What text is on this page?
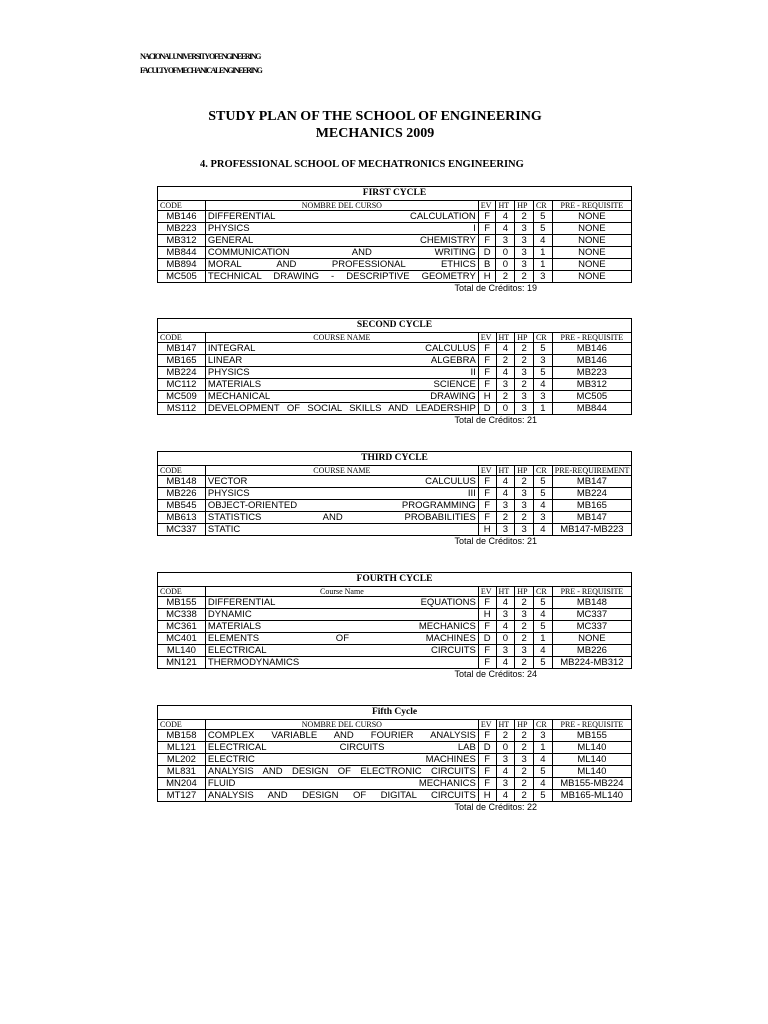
NACIONAL UNIVERSITY OF ENGINEERING
FACULTY OF MECHANICAL ENGINEERING
STUDY PLAN OF THE SCHOOL OF ENGINEERING
MECHANICS 2009
4. PROFESSIONAL SCHOOL OF MECHATRONICS ENGINEERING
FIRST CYCLE						
CODE	NOMBRE DEL CURSO	EV	HT	HP	CR	PRE - REQUISITE
MB146	DIFFERENTIAL CALCULATION	F	4	2	5	NONE
MB223	PHYSICS I	F	4	3	5	NONE
MB312	GENERAL CHEMISTRY	F	3	3	4	NONE
MB844	COMMUNICATION AND WRITING	D	0	3	1	NONE
MB894	MORAL AND PROFESSIONAL ETHICS	B	0	3	1	NONE
MC505	TECHNICAL DRAWING - DESCRIPTIVE GEOMETRY	H	2	2	3	NONE
Total de Créditos: 19
SECOND CYCLE						
CODE	COURSE NAME	EV	HT	HP	CR	PRE - REQUISITE
MB147	INTEGRAL CALCULUS	F	4	2	5	MB146
MB165	LINEAR ALGEBRA	F	2	2	3	MB146
MB224	PHYSICS II	F	4	3	5	MB223
MC112	MATERIALS SCIENCE	F	3	2	4	MB312
MC509	MECHANICAL DRAWING	H	2	3	3	MC505
MS112	DEVELOPMENT OF SOCIAL SKILLS AND LEADERSHIP	D	0	3	1	MB844
Total de Créditos: 21
THIRD CYCLE						
CODE	COURSE NAME	EV	HT	HP	CR	PRE-REQUIREMENT
MB148	VECTOR CALCULUS	F	4	2	5	MB147
MB226	PHYSICS III	F	4	3	5	MB224
MB545	OBJECT-ORIENTED PROGRAMMING	F	3	3	4	MB165
MB613	STATISTICS AND PROBABILITIES	F	2	2	3	MB147
MC337	STATIC	H	3	3	4	MB147-MB223
Total de Créditos: 21
FOURTH CYCLE						
CODE	Course Name	EV	HT	HP	CR	PRE - REQUISITE
MB155	DIFFERENTIAL EQUATIONS	F	4	2	5	MB148
MC338	DYNAMIC	H	3	3	4	MC337
MC361	MATERIALS MECHANICS	F	4	2	5	MC337
MC401	ELEMENTS OF MACHINES	D	0	2	1	NONE
ML140	ELECTRICAL CIRCUITS	F	3	3	4	MB226
MN121	THERMODYNAMICS	F	4	2	5	MB224-MB312
Total de Créditos: 24
Fifth Cycle						
CODE	NOMBRE DEL CURSO	EV	HT	HP	CR	PRE - REQUISITE
MB158	COMPLEX VARIABLE AND FOURIER ANALYSIS	F	2	2	3	MB155
ML121	ELECTRICAL CIRCUITS LAB	D	0	2	1	ML140
ML202	ELECTRIC MACHINES	F	3	3	4	ML140
ML831	ANALYSIS AND DESIGN OF ELECTRONIC CIRCUITS	F	4	2	5	ML140
MN204	FLUID MECHANICS	F	3	2	4	MB155-MB224
MT127	ANALYSIS AND DESIGN OF DIGITAL CIRCUITS	H	4	2	5	MB165-ML140
Total de Créditos: 22
